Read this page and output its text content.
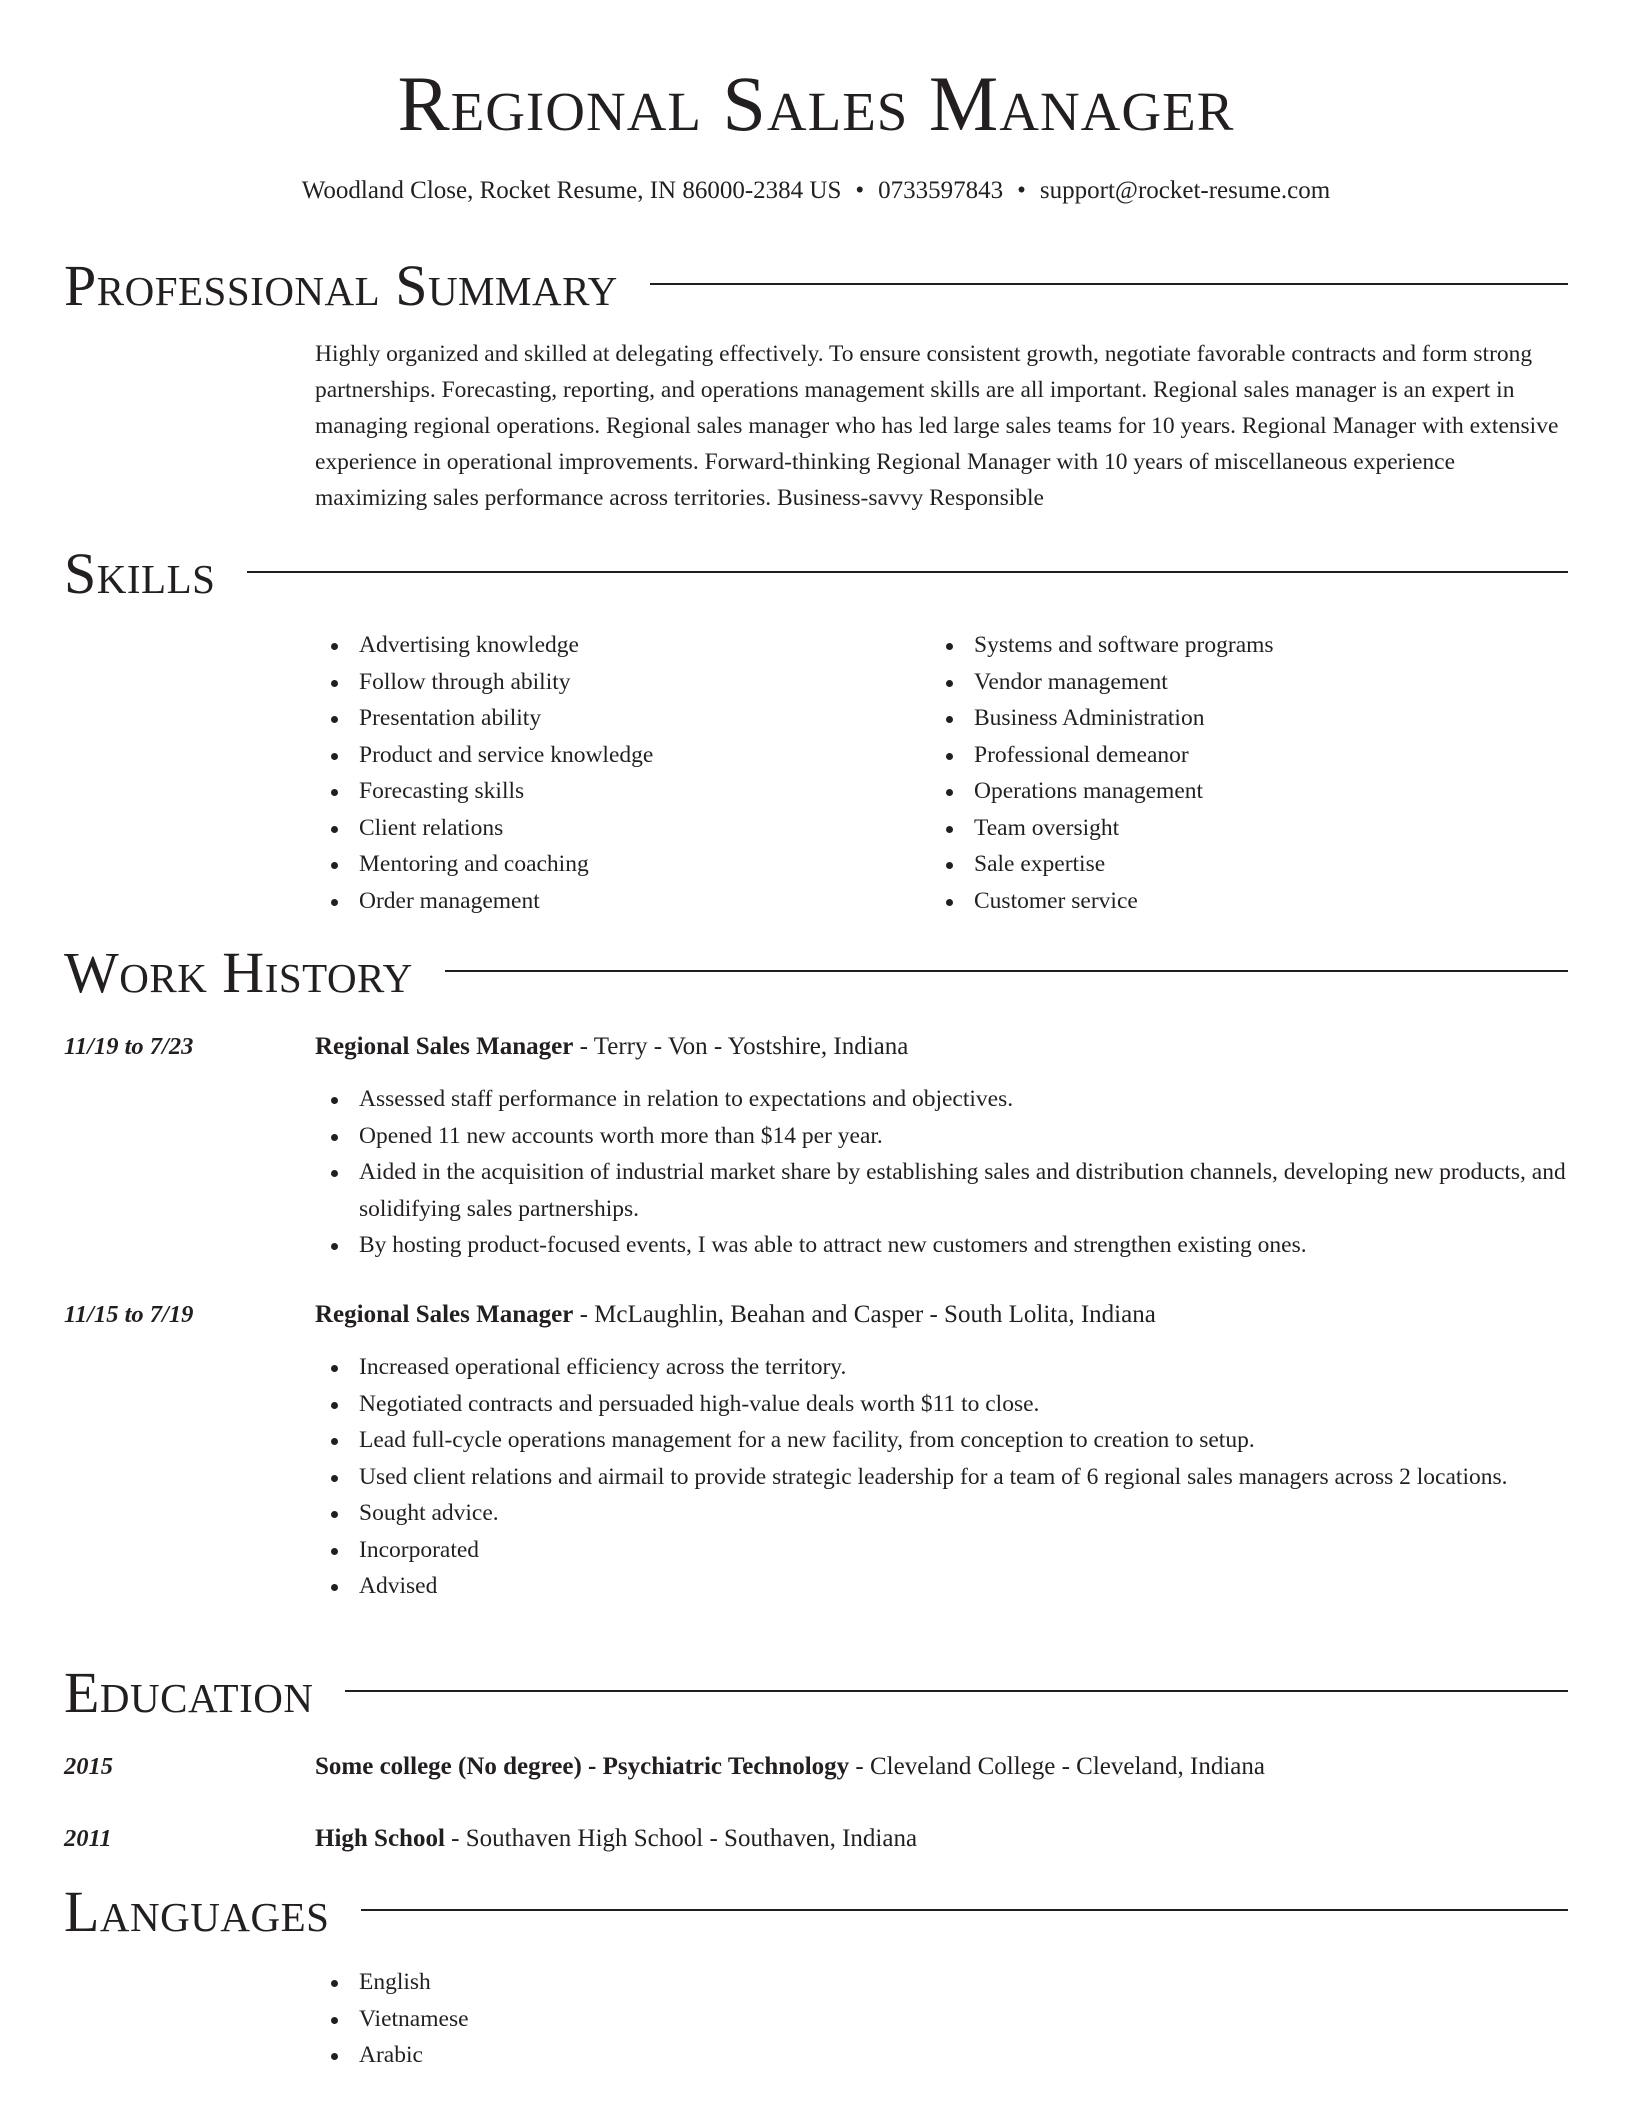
Regional Sales Manager
Woodland Close, Rocket Resume, IN 86000-2384 US • 0733597843 • support@rocket-resume.com
Professional Summary

Highly organized and skilled at delegating effectively. To ensure consistent growth, negotiate favorable contracts and form strong partnerships. Forecasting, reporting, and operations management skills are all important. Regional sales manager is an expert in managing regional operations. Regional sales manager who has led large sales teams for 10 years. Regional Manager with extensive experience in operational improvements. Forward-thinking Regional Manager with 10 years of miscellaneous experience maximizing sales performance across territories. Business-savvy Responsible

Skills
Advertising knowledge
Follow through ability
Presentation ability
Product and service knowledge
Forecasting skills
Client relations
Mentoring and coaching
Order management
Systems and software programs
Vendor management
Business Administration
Professional demeanor
Operations management
Team oversight
Sale expertise
Customer service
Work History
11/19 to 7/23	Regional Sales Manager - Terry - Von - Yostshire, Indiana
Assessed staff performance in relation to expectations and objectives.
Opened 11 new accounts worth more than $14 per year.
Aided in the acquisition of industrial market share by establishing sales and distribution channels, developing new products, and solidifying sales partnerships.
By hosting product-focused events, I was able to attract new customers and strengthen existing ones.
11/15 to 7/19	Regional Sales Manager - McLaughlin, Beahan and Casper - South Lolita, Indiana
Increased operational efficiency across the territory.
Negotiated contracts and persuaded high-value deals worth $11 to close.
Lead full-cycle operations management for a new facility, from conception to creation to setup.
Used client relations and airmail to provide strategic leadership for a team of 6 regional sales managers across 2 locations.
Sought advice.
Incorporated
Advised
Education
2015	Some college (No degree) - Psychiatric Technology - Cleveland College - Cleveland, Indiana
2011	High School - Southaven High School - Southaven, Indiana
Languages
English
Vietnamese
Arabic
